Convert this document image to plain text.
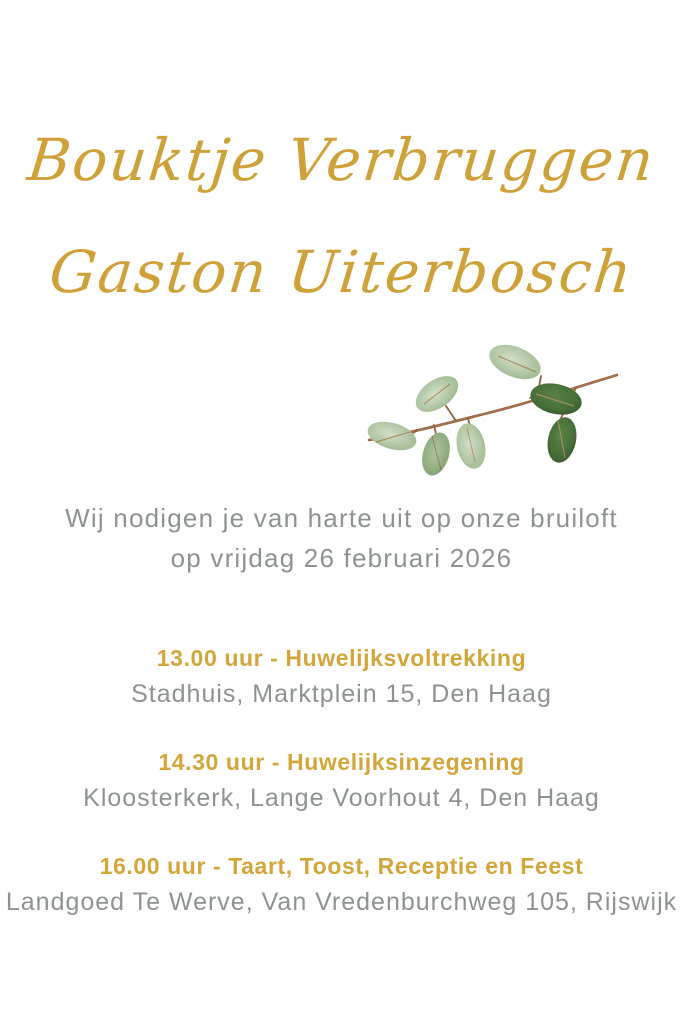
Bouktje Verbruggen
Gaston Uiterbosch
Wij nodigen je van harte uit op onze bruiloft
op vrijdag 26 februari 2026

13.00 uur - Huwelijksvoltrekking

Stadhuis, Marktplein 15, Den Haag

14.30 uur - Huwelijksinzegening

Kloosterkerk, Lange Voorhout 4, Den Haag

16.00 uur - Taart, Toost, Receptie en Feest

Landgoed Te Werve, Van Vredenburchweg 105, Rijswijk
